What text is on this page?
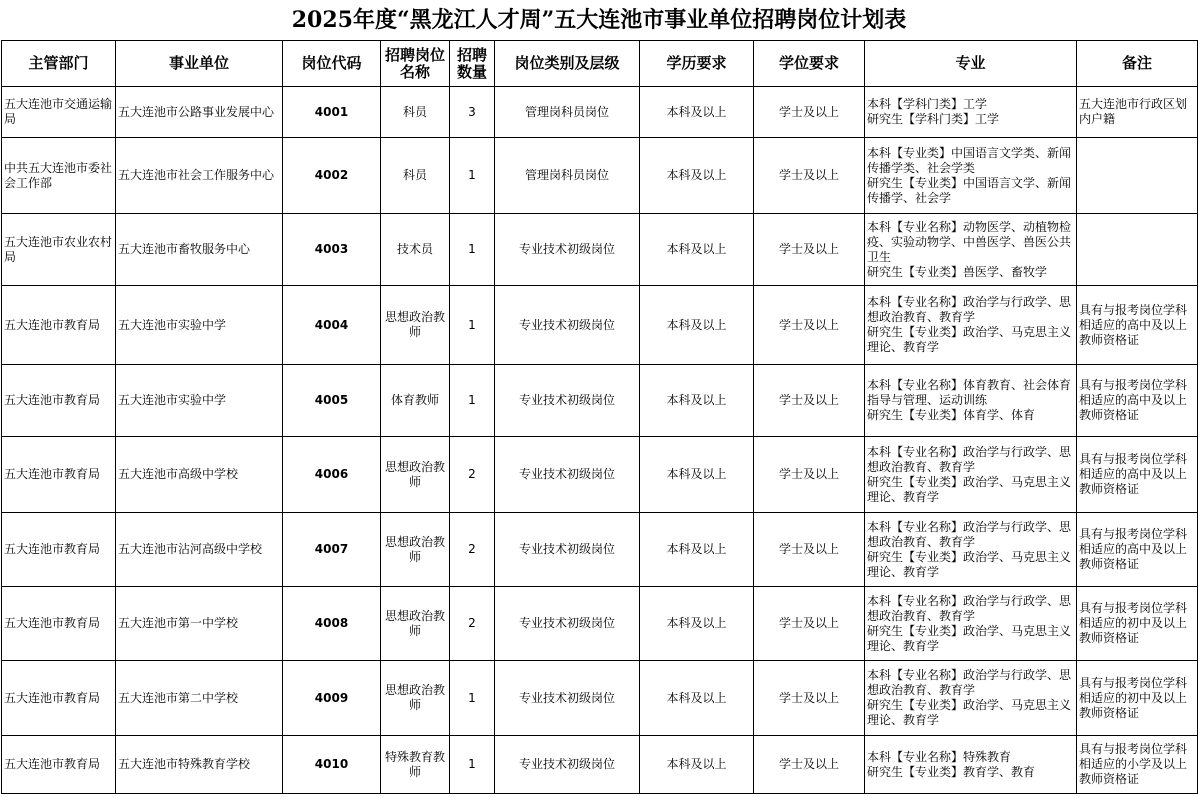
2025年度“黑龙江人才周”五大连池市事业单位招聘岗位计划表
主管部门	事业单位	岗位代码	招聘岗位名称	招聘数量	岗位类别及层级	学历要求	学位要求	专业	备注
五大连池市交通运输局	五大连池市公路事业发展中心	4001	科员	3	管理岗科员岗位	本科及以上	学士及以上	本科【学科门类】工学
研究生【学科门类】工学	五大连池市行政区划内户籍
中共五大连池市委社会工作部	五大连池市社会工作服务中心	4002	科员	1	管理岗科员岗位	本科及以上	学士及以上	本科【专业类】中国语言文学类、新闻传播学类、社会学类
研究生【专业类】中国语言文学、新闻传播学、社会学	

五大连池市农业农村局	五大连池市畜牧服务中心	4003	技术员	1	专业技术初级岗位	本科及以上	学士及以上	本科【专业名称】动物医学、动植物检疫、实验动物学、中兽医学、兽医公共卫生
研究生【专业类】兽医学、畜牧学	

五大连池市教育局	五大连池市实验中学	4004	思想政治教师	1	专业技术初级岗位	本科及以上	学士及以上	本科【专业名称】政治学与行政学、思想政治教育、教育学
研究生【专业类】政治学、马克思主义理论、教育学	具有与报考岗位学科相适应的高中及以上教师资格证
五大连池市教育局	五大连池市实验中学	4005	体育教师	1	专业技术初级岗位	本科及以上	学士及以上	本科【专业名称】体育教育、社会体育指导与管理、运动训练
研究生【专业类】体育学、体育	具有与报考岗位学科相适应的高中及以上教师资格证
五大连池市教育局	五大连池市高级中学校	4006	思想政治教师	2	专业技术初级岗位	本科及以上	学士及以上	本科【专业名称】政治学与行政学、思想政治教育、教育学
研究生【专业类】政治学、马克思主义理论、教育学	具有与报考岗位学科相适应的高中及以上教师资格证
五大连池市教育局	五大连池市沾河高级中学校	4007	思想政治教师	2	专业技术初级岗位	本科及以上	学士及以上	本科【专业名称】政治学与行政学、思想政治教育、教育学
研究生【专业类】政治学、马克思主义理论、教育学	具有与报考岗位学科相适应的高中及以上教师资格证
五大连池市教育局	五大连池市第一中学校	4008	思想政治教师	2	专业技术初级岗位	本科及以上	学士及以上	本科【专业名称】政治学与行政学、思想政治教育、教育学
研究生【专业类】政治学、马克思主义理论、教育学	具有与报考岗位学科相适应的初中及以上教师资格证
五大连池市教育局	五大连池市第二中学校	4009	思想政治教师	1	专业技术初级岗位	本科及以上	学士及以上	本科【专业名称】政治学与行政学、思想政治教育、教育学
研究生【专业类】政治学、马克思主义理论、教育学	具有与报考岗位学科相适应的初中及以上教师资格证
五大连池市教育局	五大连池市特殊教育学校	4010	特殊教育教师	1	专业技术初级岗位	本科及以上	学士及以上	本科【专业名称】特殊教育
研究生【专业类】教育学、教育	具有与报考岗位学科相适应的小学及以上教师资格证
